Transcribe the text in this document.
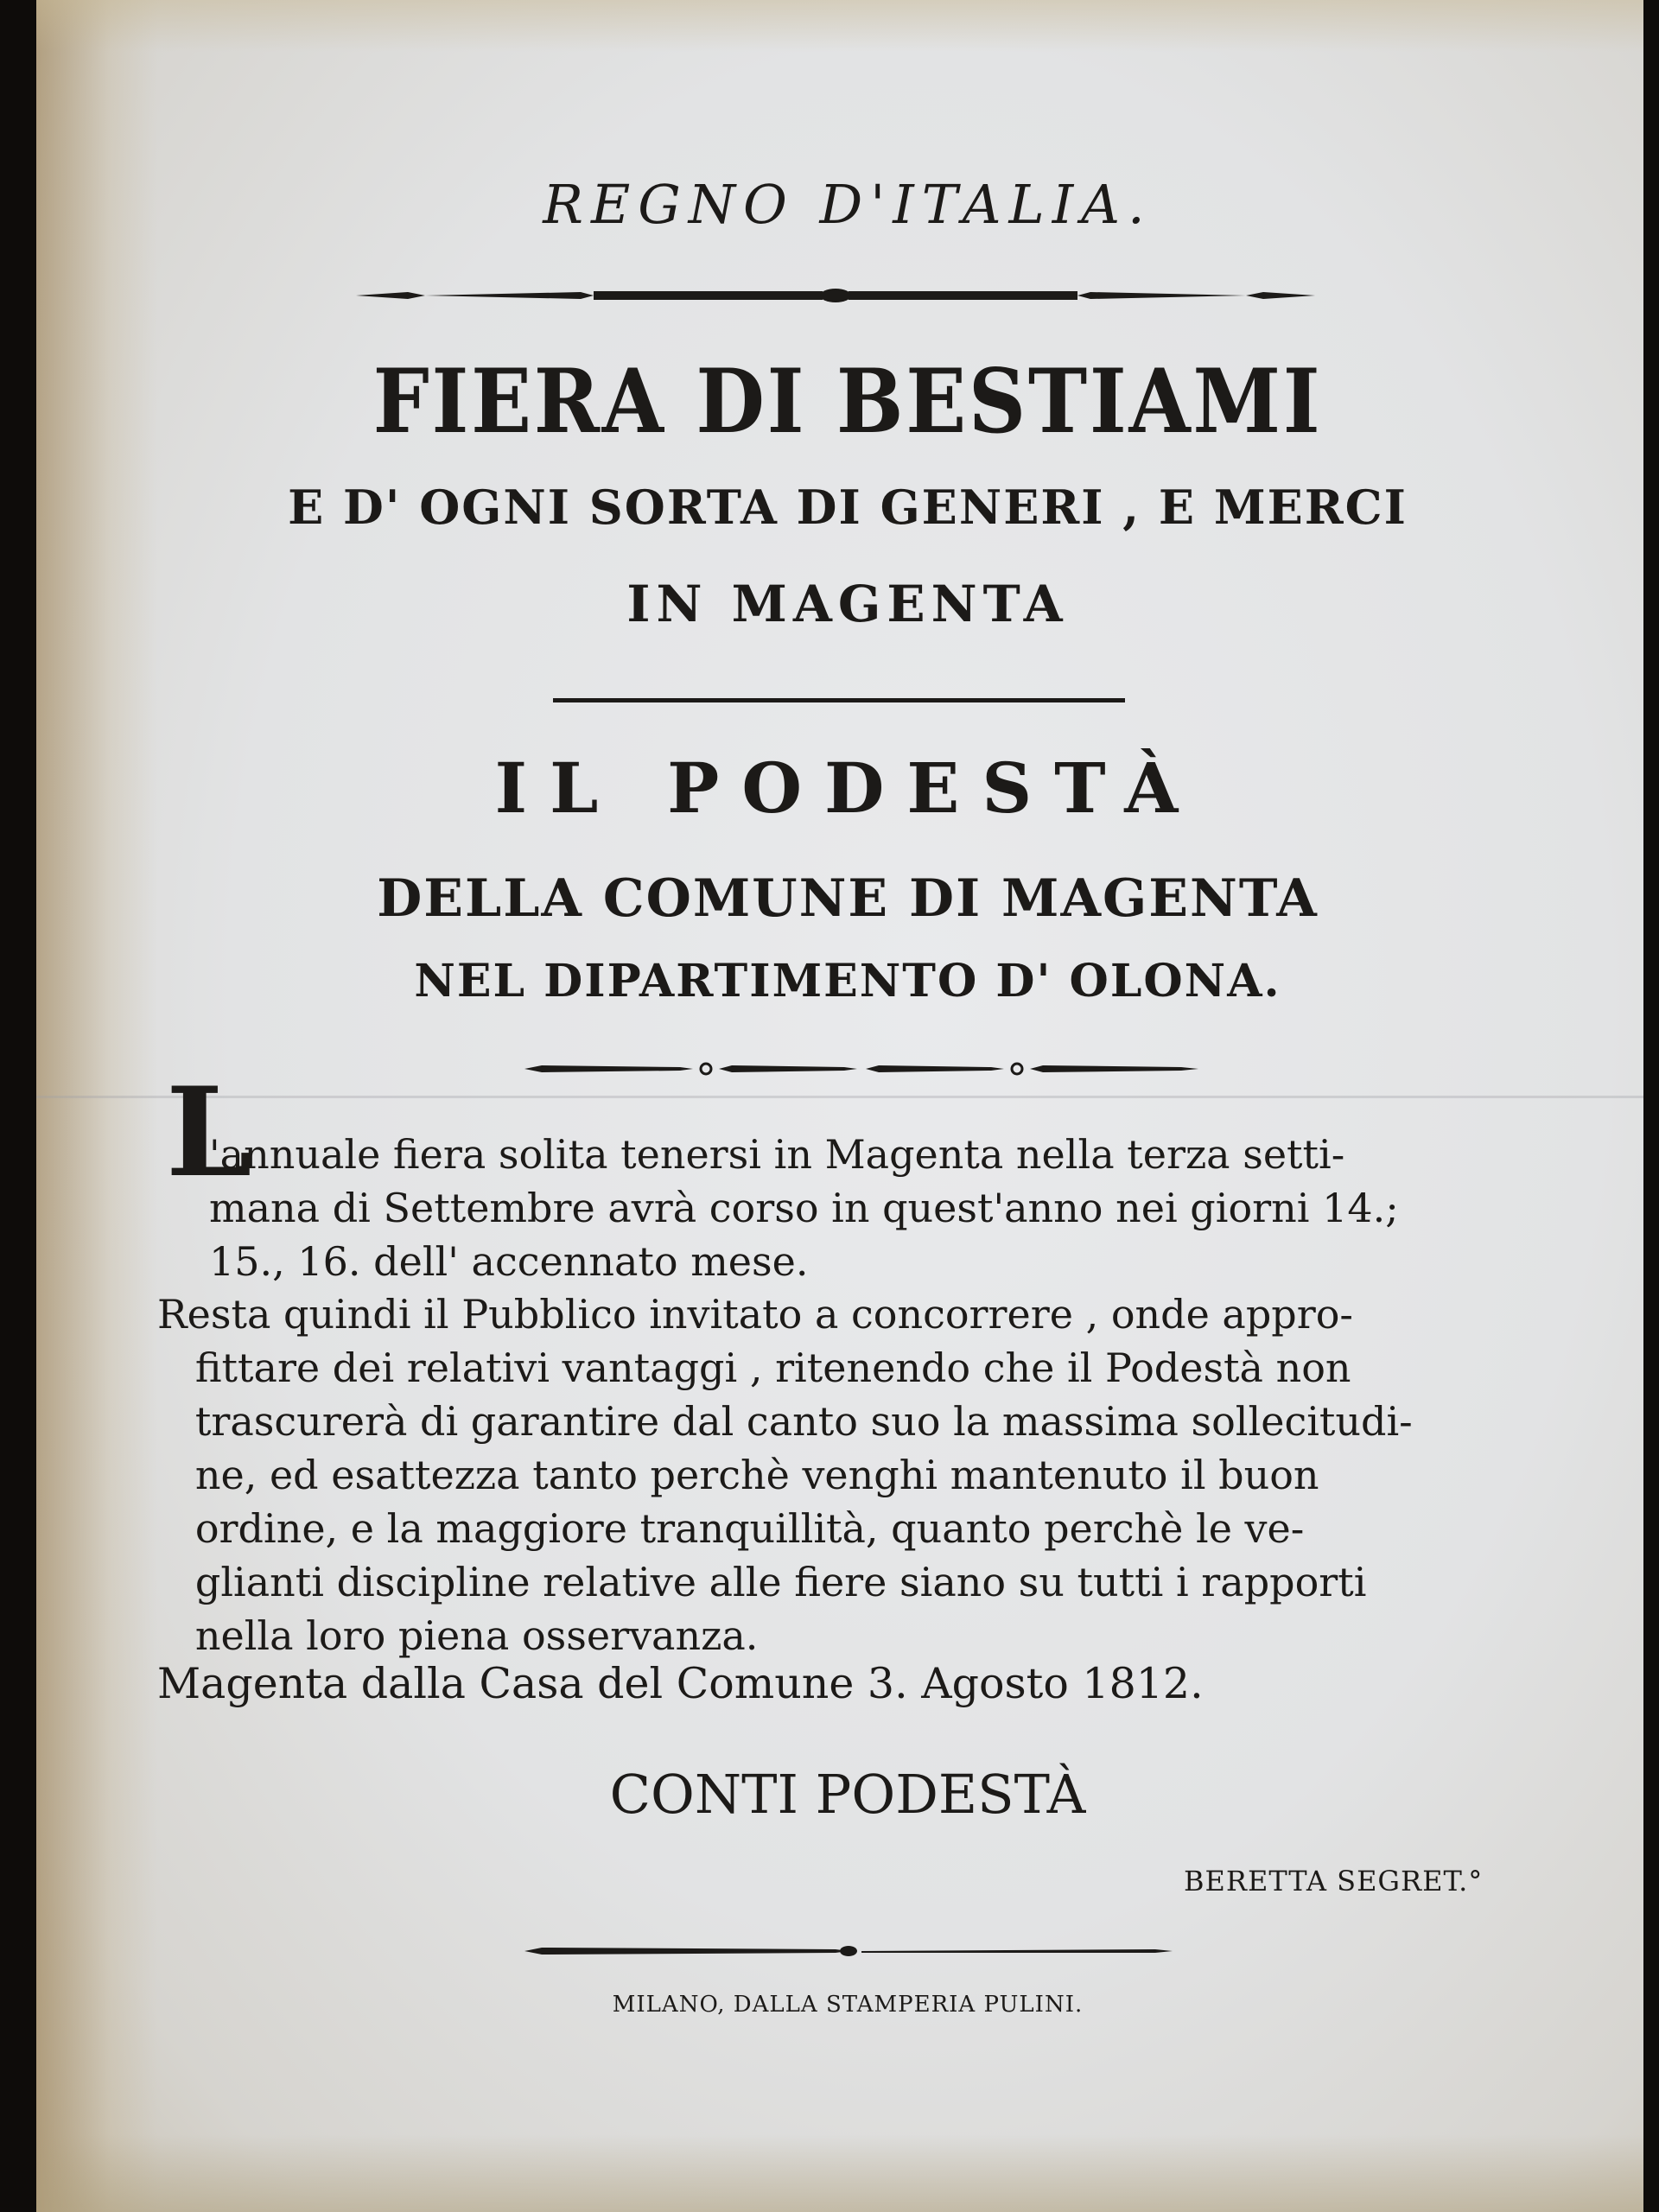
REGNO D'ITALIA.
FIERA DI BESTIAMI

E D' OGNI SORTA DI GENERI , E MERCI

IN MAGENTA

IL PODESTÀ

DELLA COMUNE DI MAGENTA

NEL DIPARTIMENTO D' OLONA.

L

'annuale fiera solita tenersi in Magenta nella terza setti-
mana di Settembre avrà corso in quest'anno nei giorni 14.;
15., 16. dell' accennato mese.

Resta quindi il Pubblico invitato a concorrere , onde appro-
fittare dei relativi vantaggi , ritenendo che il Podestà non
trascurerà di garantire dal canto suo la massima sollecitudi-
ne, ed esattezza tanto perchè venghi mantenuto il buon
ordine, e la maggiore tranquillità, quanto perchè le ve-
glianti discipline relative alle fiere siano su tutti i rapporti
nella loro piena osservanza.

Magenta dalla Casa del Comune 3. Agosto 1812.

CONTI PODESTÀ

BERETTA SEGRET.°

MILANO, DALLA STAMPERIA PULINI.
